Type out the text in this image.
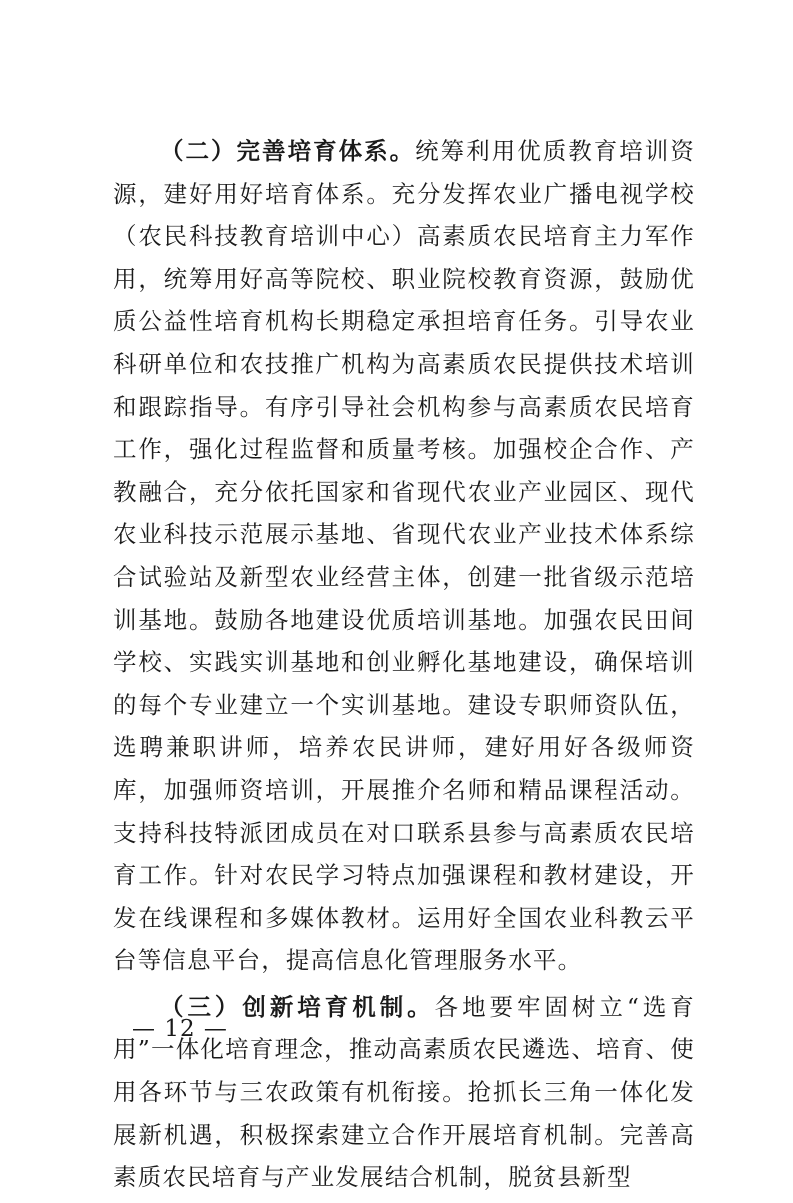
（二）完善培育体系。统筹利用优质教育培训资源，建好用好培育体系。充分发挥农业广播电视学校（农民科技教育培训中心）高素质农民培育主力军作用，统筹用好高等院校、职业院校教育资源，鼓励优质公益性培育机构长期稳定承担培育任务。引导农业科研单位和农技推广机构为高素质农民提供技术培训和跟踪指导。有序引导社会机构参与高素质农民培育工作，强化过程监督和质量考核。加强校企合作、产教融合，充分依托国家和省现代农业产业园区、现代农业科技示范展示基地、省现代农业产业技术体系综合试验站及新型农业经营主体，创建一批省级示范培训基地。鼓励各地建设优质培训基地。加强农民田间学校、实践实训基地和创业孵化基地建设，确保培训的每个专业建立一个实训基地。建设专职师资队伍，选聘兼职讲师，培养农民讲师，建好用好各级师资库，加强师资培训，开展推介名师和精品课程活动。支持科技特派团成员在对口联系县参与高素质农民培育工作。针对农民学习特点加强课程和教材建设，开发在线课程和多媒体教材。运用好全国农业科教云平台等信息平台，提高信息化管理服务水平。

（三）创新培育机制。各地要牢固树立“选育用”一体化培育理念，推动高素质农民遴选、培育、使用各环节与三农政策有机衔接。抢抓长三角一体化发展新机遇，积极探索建立合作开展培育机制。完善高素质农民培育与产业发展结合机制，脱贫县新型

— 12 —
